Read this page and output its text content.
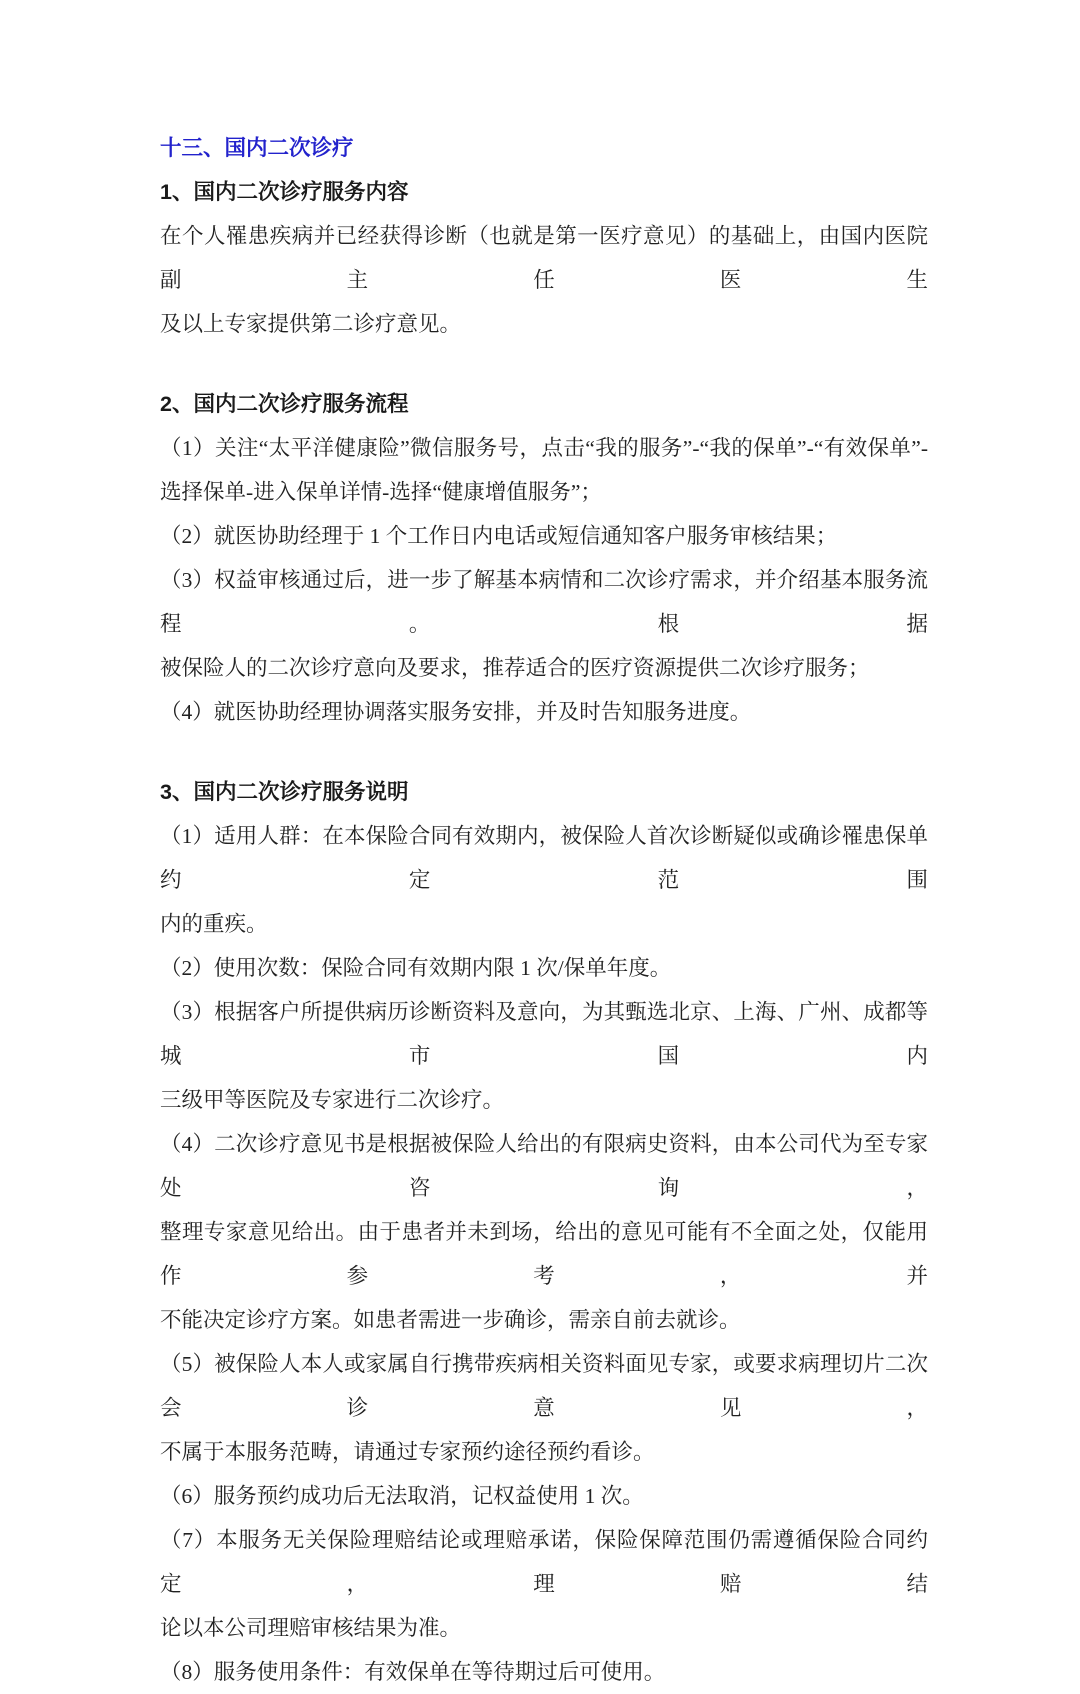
十三、国内二次诊疗
1、国内二次诊疗服务内容

在个人罹患疾病并已经获得诊断（也就是第一医疗意见）的基础上，由国内医院副主任医生

及以上专家提供第二诊疗意见。

2、国内二次诊疗服务流程

（1）关注“太平洋健康险”微信服务号，点击“我的服务”-“我的保单”-“有效保单”-

选择保单-进入保单详情-选择“健康增值服务”；

（2）就医协助经理于 1 个工作日内电话或短信通知客户服务审核结果；

（3）权益审核通过后，进一步了解基本病情和二次诊疗需求，并介绍基本服务流程。根据

被保险人的二次诊疗意向及要求，推荐适合的医疗资源提供二次诊疗服务；

（4）就医协助经理协调落实服务安排，并及时告知服务进度。

3、国内二次诊疗服务说明

（1）适用人群：在本保险合同有效期内，被保险人首次诊断疑似或确诊罹患保单约定范围

内的重疾。

（2）使用次数：保险合同有效期内限 1 次/保单年度。

（3）根据客户所提供病历诊断资料及意向，为其甄选北京、上海、广州、成都等城市国内

三级甲等医院及专家进行二次诊疗。

（4）二次诊疗意见书是根据被保险人给出的有限病史资料，由本公司代为至专家处咨询，

整理专家意见给出。由于患者并未到场，给出的意见可能有不全面之处，仅能用作参考，并

不能决定诊疗方案。如患者需进一步确诊，需亲自前去就诊。

（5）被保险人本人或家属自行携带疾病相关资料面见专家，或要求病理切片二次会诊意见，

不属于本服务范畴，请通过专家预约途径预约看诊。

（6）服务预约成功后无法取消，记权益使用 1 次。

（7）本服务无关保险理赔结论或理赔承诺，保险保障范围仍需遵循保险合同约定，理赔结

论以本公司理赔审核结果为准。

（8）服务使用条件：有效保单在等待期过后可使用。
